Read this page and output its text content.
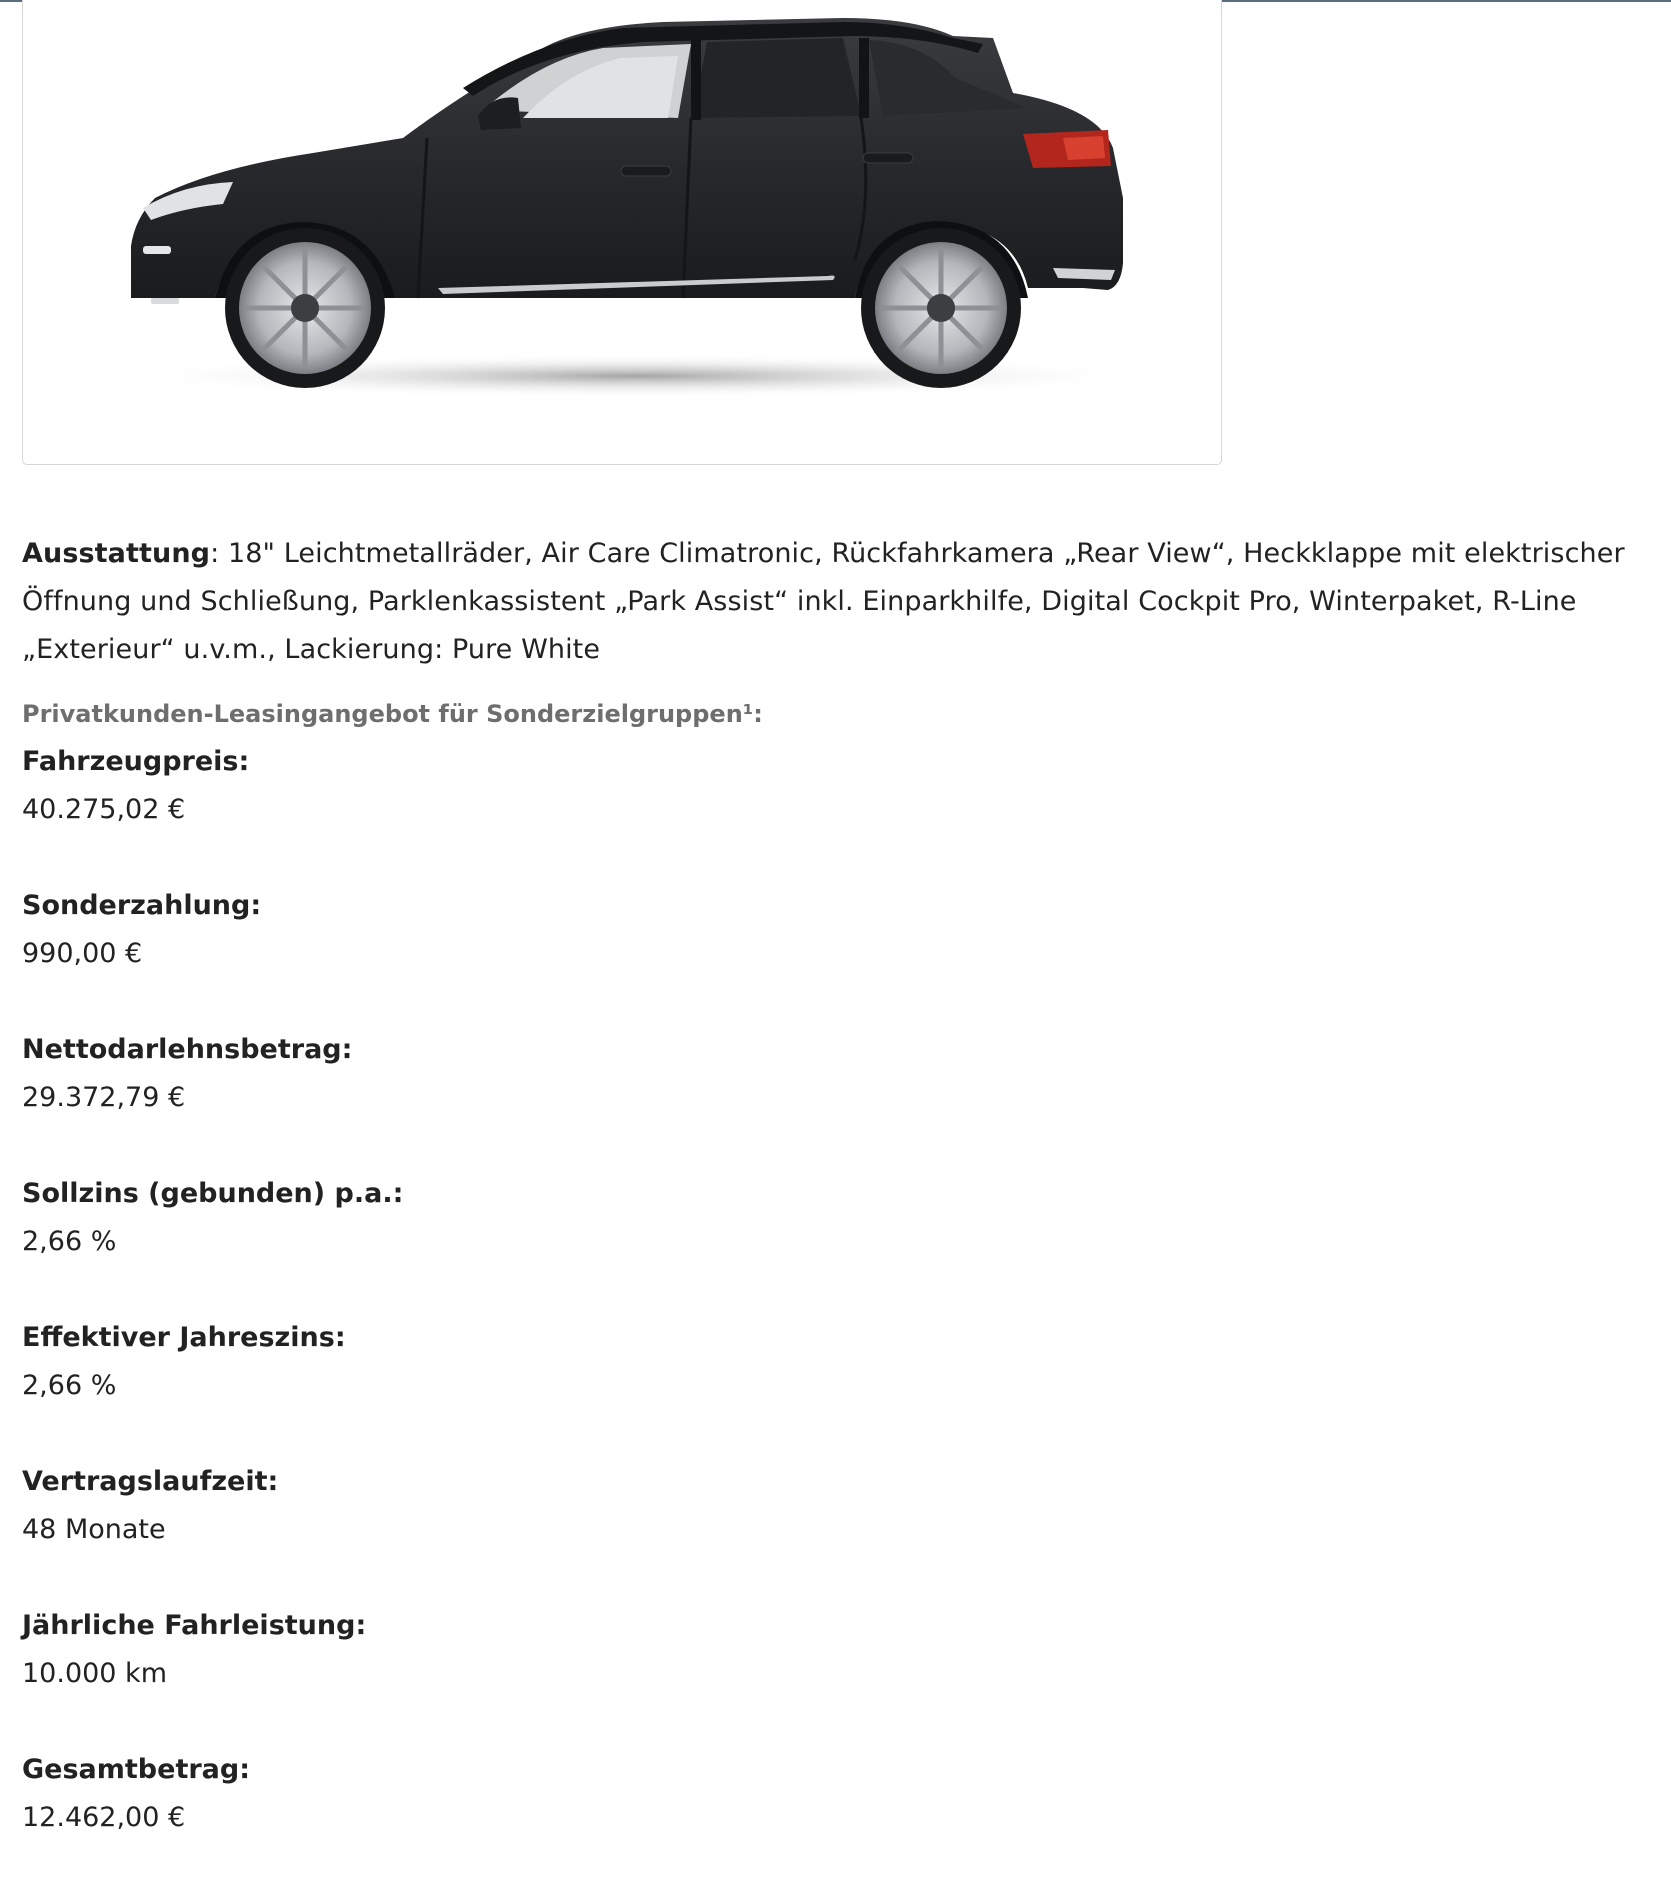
Ausstattung: 18" Leichtmetallräder, Air Care Climatronic, Rückfahrkamera „Rear View“, Heckklappe mit elektrischer Öffnung und Schließung, Parklenkassistent „Park Assist“ inkl. Einparkhilfe, Digital Cockpit Pro, Winterpaket, R-Line „Exterieur“ u.v.m., Lackierung: Pure White

Privatkunden-Leasingangebot für Sonderzielgruppen¹:

Fahrzeugpreis:
40.275,02 €
Sonderzahlung:
990,00 €
Nettodarlehnsbetrag:
29.372,79 €
Sollzins (gebunden) p.a.:
2,66 %
Effektiver Jahreszins:
2,66 %
Vertragslaufzeit:
48 Monate
Jährliche Fahrleistung:
10.000 km
Gesamtbetrag:
12.462,00 €
